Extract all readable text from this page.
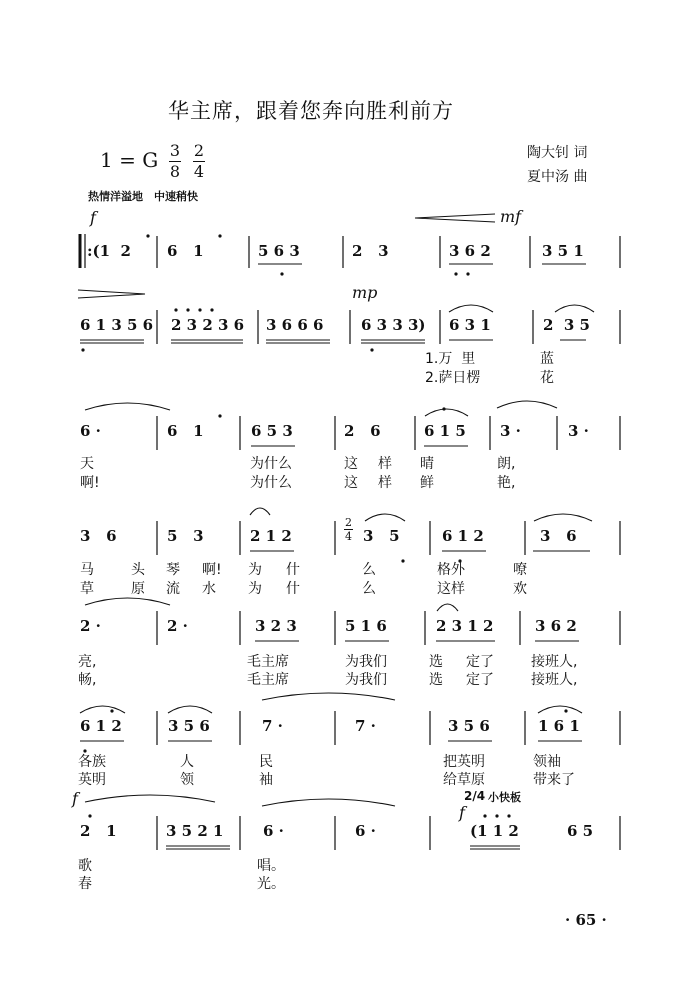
华主席，跟着您奔向胜利前方
1 = G 3
8
2
4
陶大钊 词
夏中汤 曲
热情洋溢地　中速稍快
f	mf
mp
f
f
:(1  2 6   1	5 6 3	2   3	3 6 2	3 5 1
6 1 3 5 6 2 3 2 3 6 3 6 6 6	6 3 3 3) 6 3 1	2  3 5
1.万  里	蓝
2.萨日楞	花
6 ·	6   1	6 5 3	2   6	6 1 5 3 ·	3 ·
天	为什么	这 样 晴	朗,
啊!	为什么	这 样 鲜	艳,
3   6	5   3	2 1 2	3   5	6 1 2	3   6
2
4
马	头 琴 啊! 为 什	么	格外	嘹
草	原 流 水 为 什	么	这样	欢
2 ·	2 ·	3 2 3	5 1 6	2 3 1 2	3 6 2
亮,	毛主席	为我们	选 定了	接班人,
畅,	毛主席	为我们	选 定了	接班人,
6 1 2	3 5 6	7 ·	7 ·	3 5 6	1 6 1
各族	人	民	把英明	领袖
英明	领	袖	给草原	带来了
2/4 小快板
2   1	3 5 2 1	6 ·	6 ·	(1 1 2	6 5
歌	唱。
春	光。
· 65 ·
